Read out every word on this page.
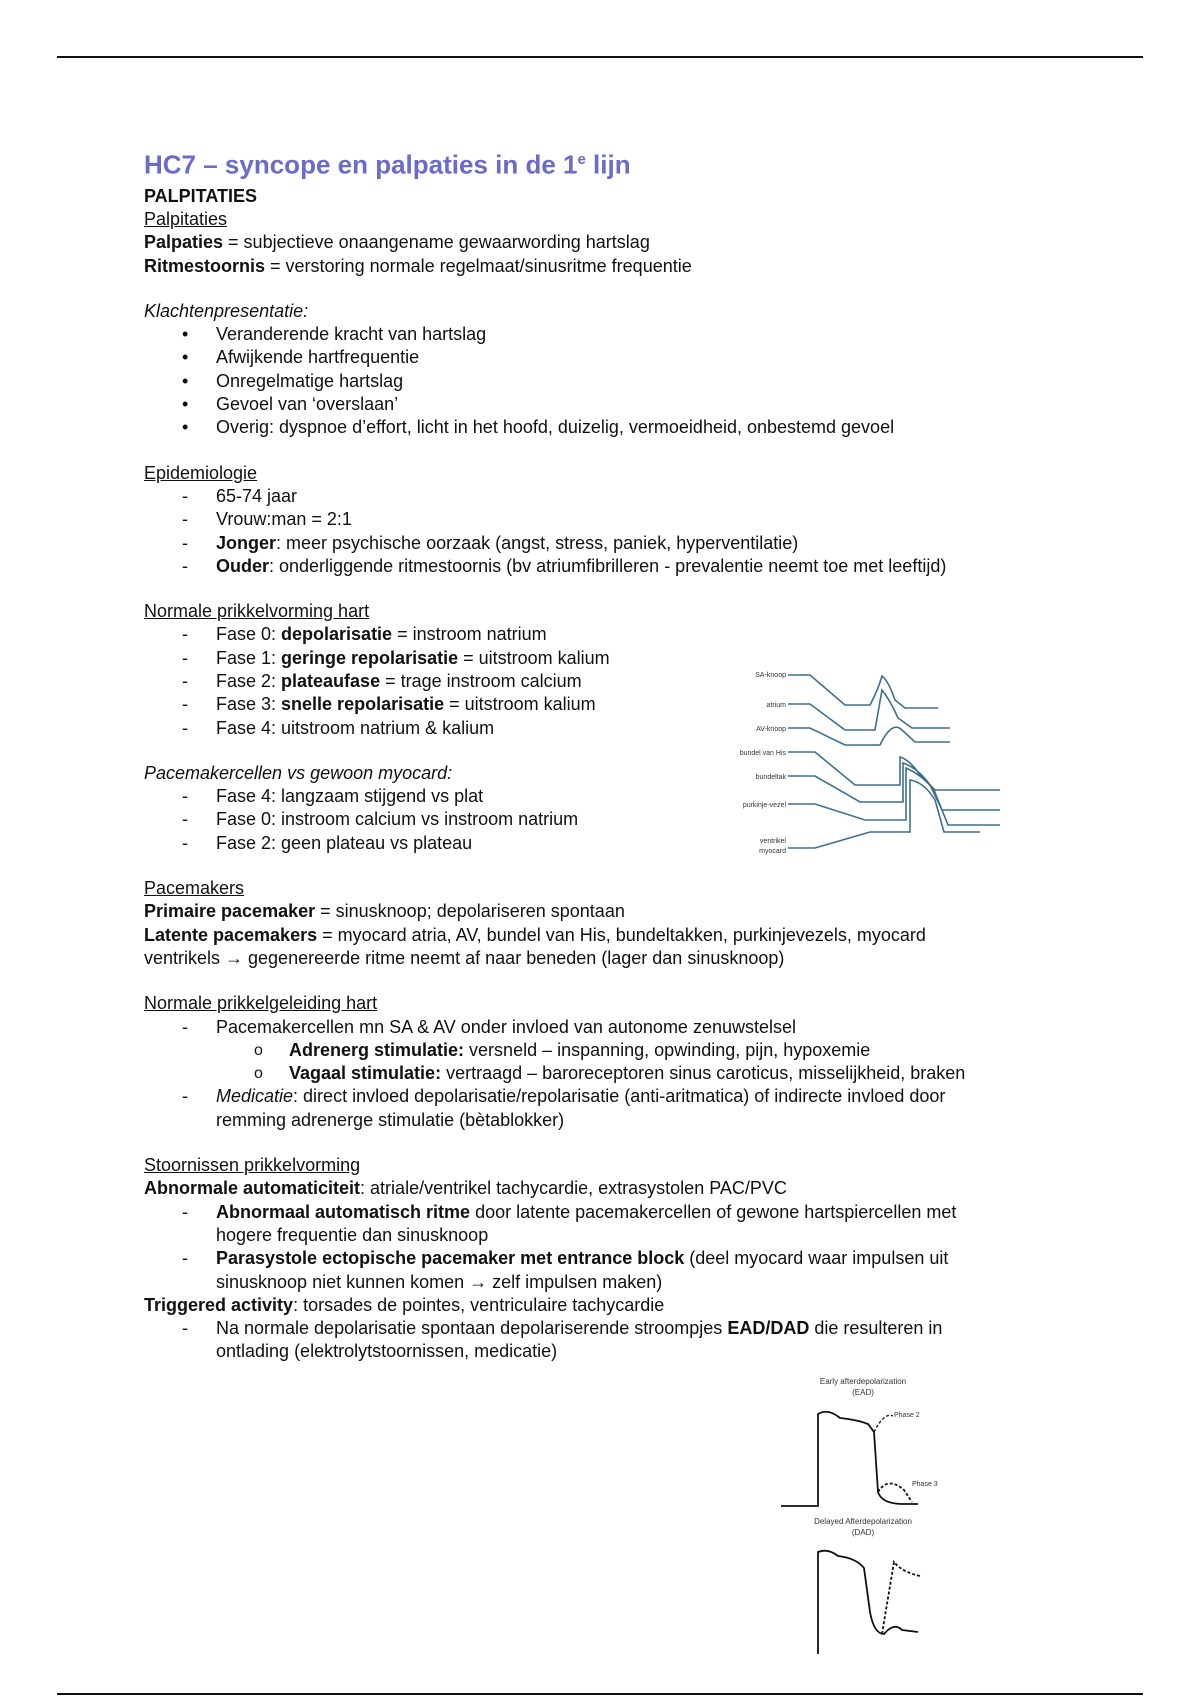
HC7 – syncope en palpaties in de 1e lijn
PALPITATIES
Palpitaties
Palpaties = subjectieve onaangename gewaarwording hartslag
Ritmestoornis = verstoring normale regelmaat/sinusritme frequentie
Klachtenpresentatie:
• Veranderende kracht van hartslag
• Afwijkende hartfrequentie
• Onregelmatige hartslag
• Gevoel van ‘overslaan’
• Overig: dyspnoe d’effort, licht in het hoofd, duizelig, vermoeidheid, onbestemd gevoel
Epidemiologie
- 65-74 jaar
- Vrouw:man = 2:1
- Jonger: meer psychische oorzaak (angst, stress, paniek, hyperventilatie)
- Ouder: onderliggende ritmestoornis (bv atriumfibrilleren - prevalentie neemt toe met leeftijd)
Normale prikkelvorming hart
- Fase 0: depolarisatie = instroom natrium
- Fase 1: geringe repolarisatie = uitstroom kalium
- Fase 2: plateaufase = trage instroom calcium
- Fase 3: snelle repolarisatie = uitstroom kalium
- Fase 4: uitstroom natrium & kalium
Pacemakercellen vs gewoon myocard:
- Fase 4: langzaam stijgend vs plat
- Fase 0: instroom calcium vs instroom natrium
- Fase 2: geen plateau vs plateau
Pacemakers
Primaire pacemaker = sinusknoop; depolariseren spontaan
Latente pacemakers = myocard atria, AV, bundel van His, bundeltakken, purkinjevezels, myocard
ventrikels → gegenereerde ritme neemt af naar beneden (lager dan sinusknoop)
Normale prikkelgeleiding hart
- Pacemakercellen mn SA & AV onder invloed van autonome zenuwstelsel
o Adrenerg stimulatie: versneld – inspanning, opwinding, pijn, hypoxemie
o Vagaal stimulatie: vertraagd – baroreceptoren sinus caroticus, misselijkheid, braken
- Medicatie: direct invloed depolarisatie/repolarisatie (anti-aritmatica) of indirecte invloed door
remming adrenerge stimulatie (bètablokker)
Stoornissen prikkelvorming
Abnormale automaticiteit: atriale/ventrikel tachycardie, extrasystolen PAC/PVC
- Abnormaal automatisch ritme door latente pacemakercellen of gewone hartspiercellen met
hogere frequentie dan sinusknoop
- Parasystole ectopische pacemaker met entrance block (deel myocard waar impulsen uit
sinusknoop niet kunnen komen → zelf impulsen maken)
Triggered activity: torsades de pointes, ventriculaire tachycardie
- Na normale depolarisatie spontaan depolariserende stroompjes EAD/DAD die resulteren in
ontlading (elektrolytstoornissen, medicatie)
SA-knoop
atrium
AV-knoop
bundel van His
bundeltak
purkinje-vezel
ventrikel
myocard
Early afterdepolarization
(EAD)
Delayed Afterdepolarization
(DAD)
Phase 2
Phase 3
